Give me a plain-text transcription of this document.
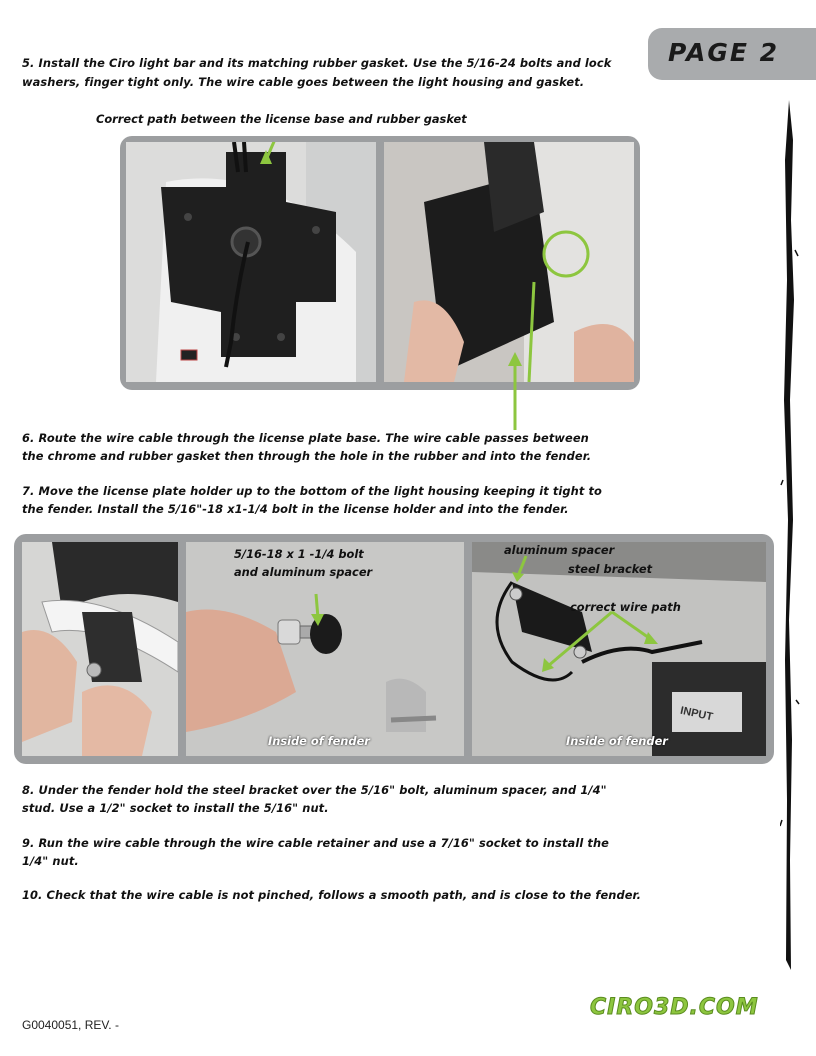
PAGE 2

5. Install the Ciro light bar and its matching rubber gasket. Use the 5/16-24 bolts and lock

washers, finger tight only. The wire cable goes between the light housing and gasket.

Correct path between the license base and rubber gasket

6. Route the wire cable through the license plate base. The wire cable passes between

the chrome and rubber gasket then through the hole in the rubber and into the fender.

7. Move the license plate holder up to the bottom of the light housing keeping it tight to

the fender. Install the 5/16"-18 x1-1/4 bolt in the license holder and into the fender.

5/16-18 x 1 -1/4 bolt
and aluminum spacer
Inside of fender
aluminum spacer
steel bracket
correct wire path
INPUT
Inside of fender

8. Under the fender hold the steel bracket over the 5/16" bolt, aluminum spacer, and 1/4"

stud. Use a 1/2" socket to install the 5/16" nut.

9. Run the wire cable through the wire cable retainer and use a 7/16" socket to install the

1/4" nut.

10. Check that the wire cable is not pinched, follows a smooth path, and is close to the fender.

G0040051, REV. -
CIRO3D.COM
